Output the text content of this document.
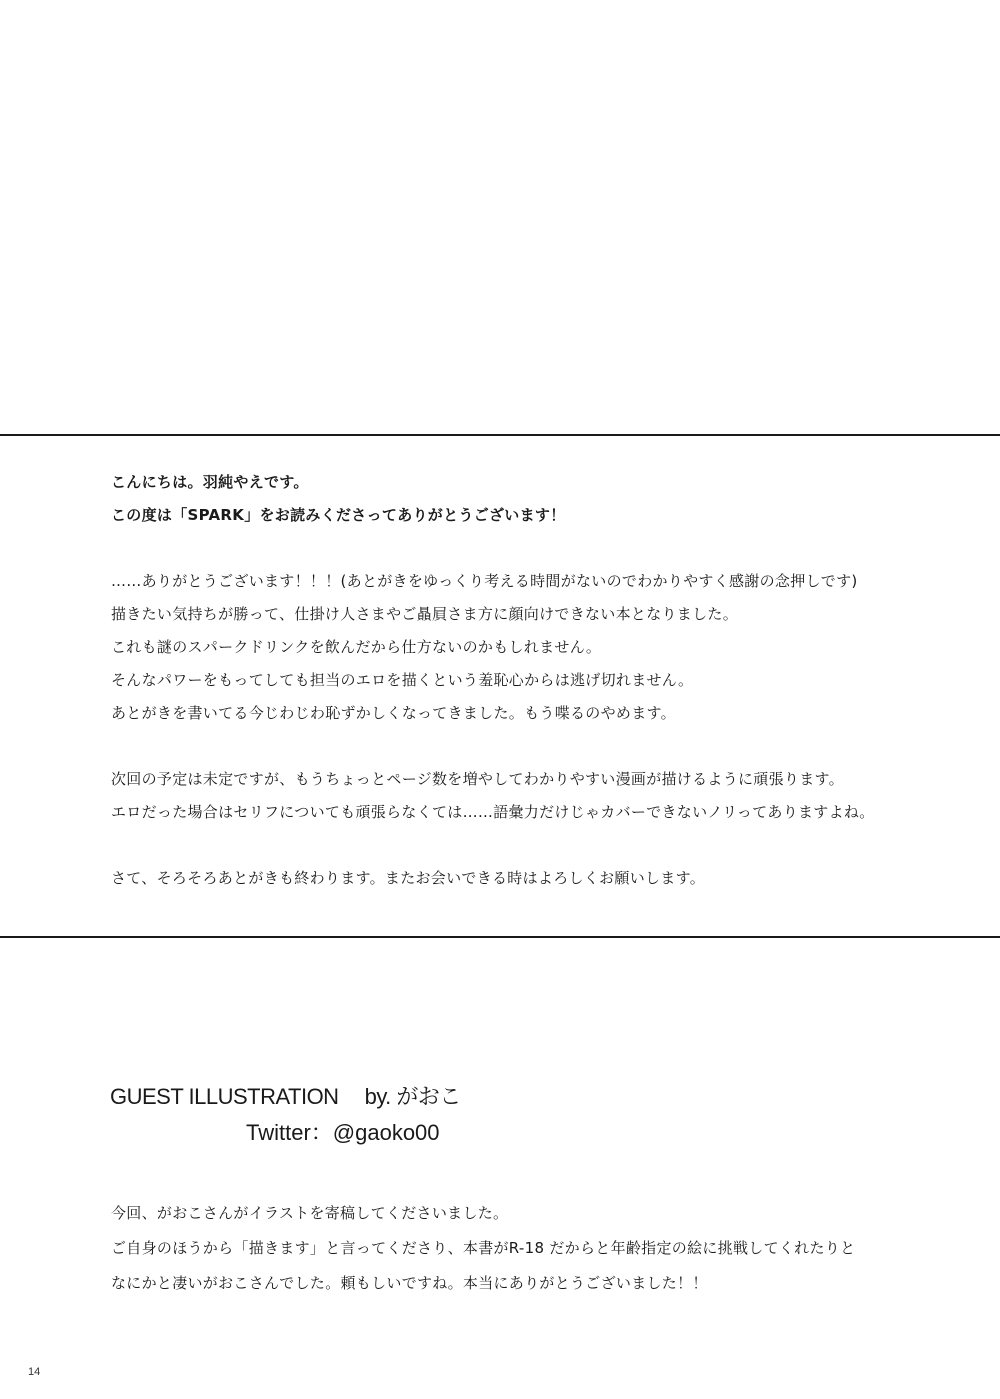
こんにちは。羽純やえです。
この度は「SPARK」をお読みくださってありがとうございます！
……ありがとうございます！！！(あとがきをゆっくり考える時間がないのでわかりやすく感謝の念押しです)
描きたい気持ちが勝って、仕掛け人さまやご贔屓さま方に顔向けできない本となりました。
これも謎のスパークドリンクを飲んだから仕方ないのかもしれません。
そんなパワーをもってしても担当のエロを描くという羞恥心からは逃げ切れません。
あとがきを書いてる今じわじわ恥ずかしくなってきました。もう喋るのやめます。
次回の予定は未定ですが、もうちょっとページ数を増やしてわかりやすい漫画が描けるように頑張ります。
エロだった場合はセリフについても頑張らなくては……語彙力だけじゃカバーできないノリってありますよね。
さて、そろそろあとがきも終わります。またお会いできる時はよろしくお願いします。
GUEST ILLUSTRATION by. がおこ
Twitter：@gaoko00
今回、がおこさんがイラストを寄稿してくださいました。
ご自身のほうから「描きます」と言ってくださり、本書がR-18 だからと年齢指定の絵に挑戦してくれたりと
なにかと凄いがおこさんでした。頼もしいですね。本当にありがとうございました！！
14
